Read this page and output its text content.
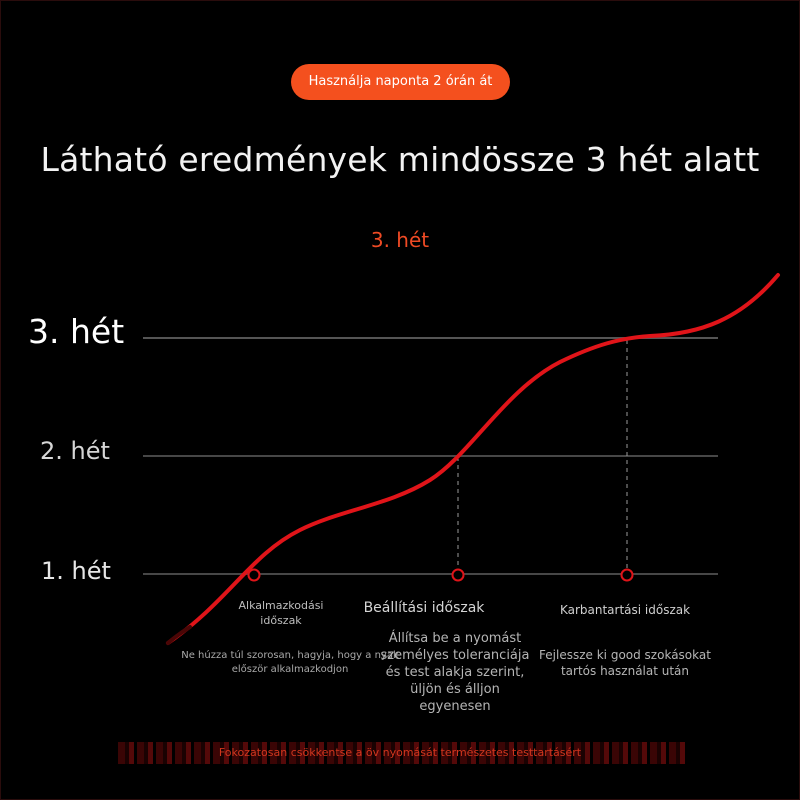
Használja naponta 2 órán át
Látható eredmények mindössze 3 hét alatt
3. hét
3. hét
2. hét
1. hét
Alkalmazkodási időszak
Beállítási időszak	Karbantartási időszak
Ne húzza túl szorosan, hagyja, hogy a nyak először alkalmazkodjon
Állítsa be a nyomást személyes toleranciája és test alakja szerint, üljön és álljon egyenesen
Fejlessze ki good szokásokat tartós használat után
Fokozatosan csökkentse a öv nyomását természetes testtartásért
